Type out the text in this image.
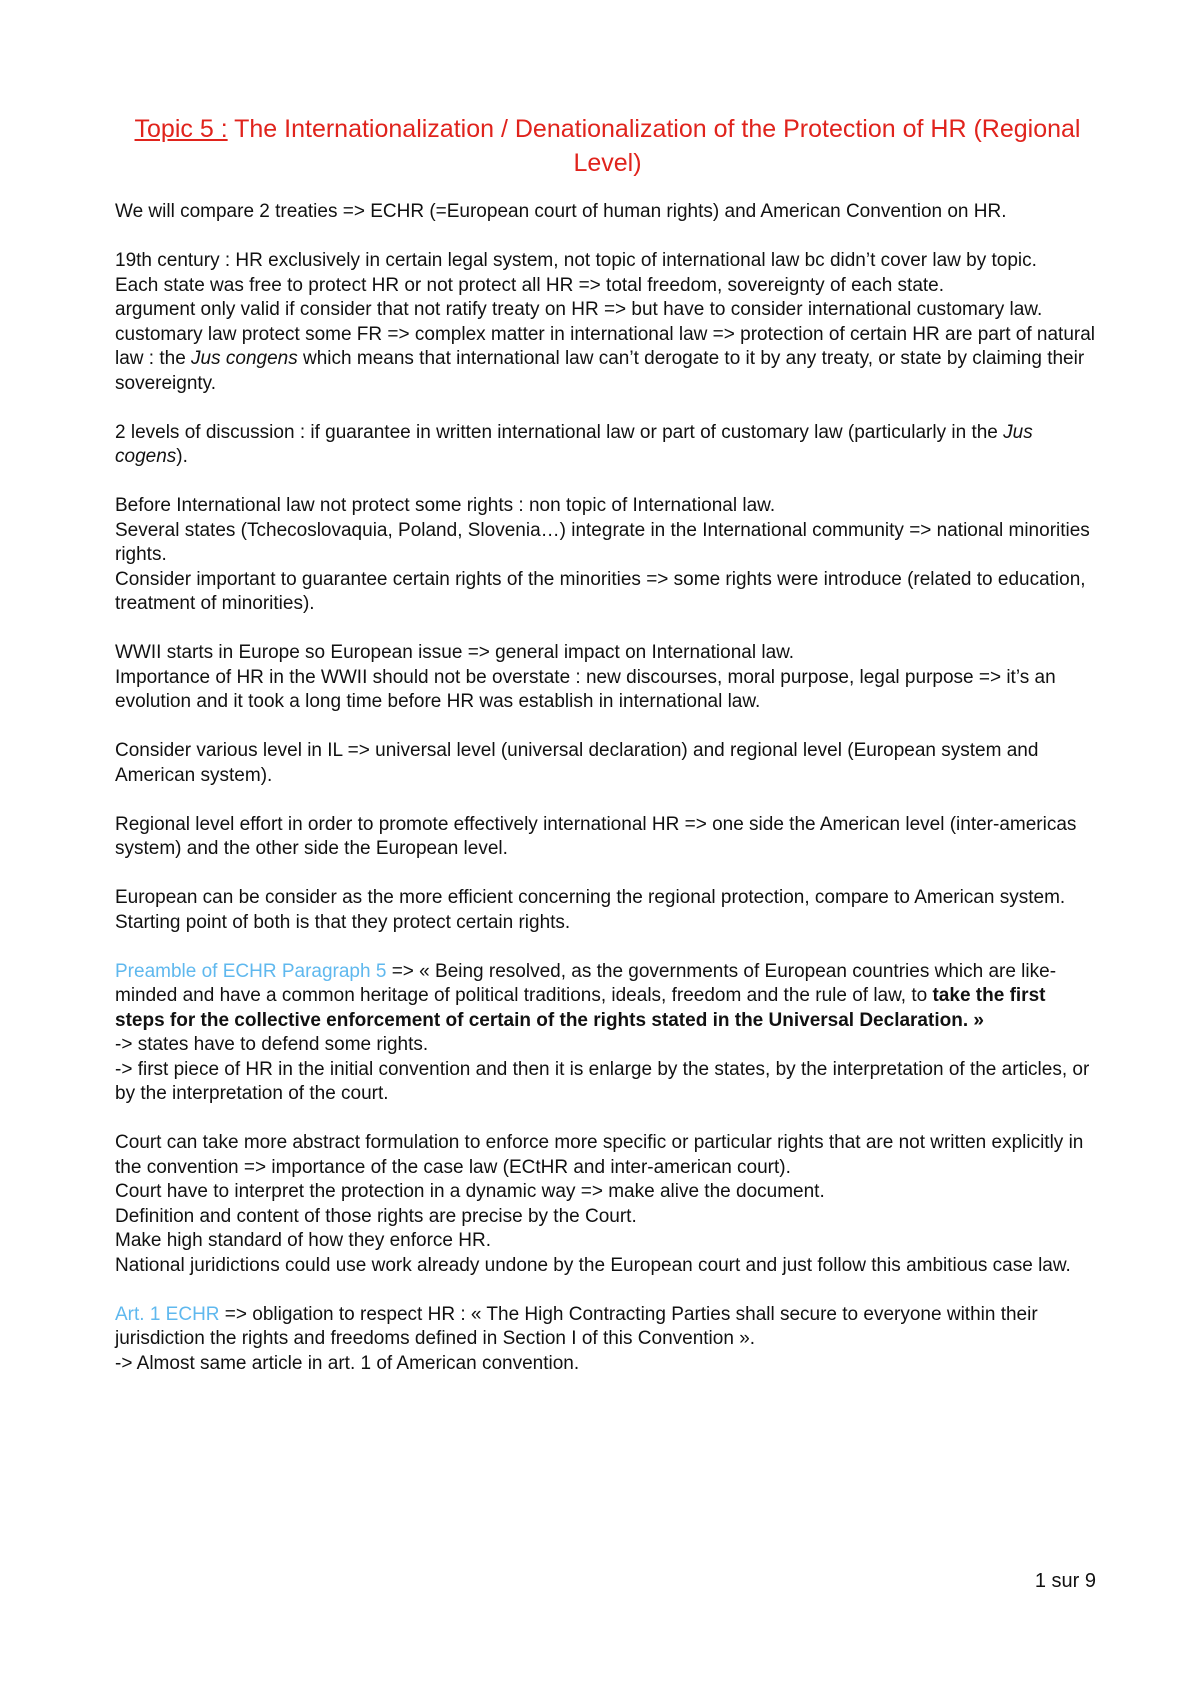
Topic 5 : The Internationalization / Denationalization of the Protection of HR (Regional Level)
We will compare 2 treaties => ECHR (=European court of human rights) and American Convention on HR.
19th century : HR exclusively in certain legal system, not topic of international law bc didn’t cover law by topic.
Each state was free to protect HR or not protect all HR => total freedom, sovereignty of each state.
argument only valid if consider that not ratify treaty on HR => but have to consider international customary law.
customary law protect some FR => complex matter in international law => protection of certain HR are part of natural law : the Jus congens which means that international law can’t derogate to it by any treaty, or state by claiming their sovereignty.
2 levels of discussion : if guarantee in written international law or part of customary law (particularly in the Jus cogens).
Before International law not protect some rights : non topic of International law.
Several states (Tchecoslovaquia, Poland, Slovenia…) integrate in the International community => national minorities rights.
Consider important to guarantee certain rights of the minorities => some rights were introduce (related to education, treatment of minorities).
WWII starts in Europe so European issue => general impact on International law.
Importance of HR in the WWII should not be overstate : new discourses, moral purpose, legal purpose => it’s an evolution and it took a long time before HR was establish in international law.
Consider various level in IL => universal level (universal declaration) and regional level (European system and American system).
Regional level effort in order to promote effectively international HR => one side the American level (inter-americas system) and the other side the European level.
European can be consider as the more efficient concerning the regional protection, compare to American system.
Starting point of both is that they protect certain rights.
Preamble of ECHR Paragraph 5 => « Being resolved, as the governments of European countries which are like-minded and have a common heritage of political traditions, ideals, freedom and the rule of law, to take the first steps for the collective enforcement of certain of the rights stated in the Universal Declaration. »
-> states have to defend some rights.
-> first piece of HR in the initial convention and then it is enlarge by the states, by the interpretation of the articles, or by the interpretation of the court.
Court can take more abstract formulation to enforce more specific or particular rights that are not written explicitly in the convention => importance of the case law (ECtHR and inter-american court).
Court have to interpret the protection in a dynamic way => make alive the document.
Definition and content of those rights are precise by the Court.
Make high standard of how they enforce HR.
National juridictions could use work already undone by the European court and just follow this ambitious case law.
Art. 1 ECHR => obligation to respect HR : « The High Contracting Parties shall secure to everyone within their jurisdiction the rights and freedoms defined in Section I of this Convention ».
-> Almost same article in art. 1 of American convention.
1 sur 9
